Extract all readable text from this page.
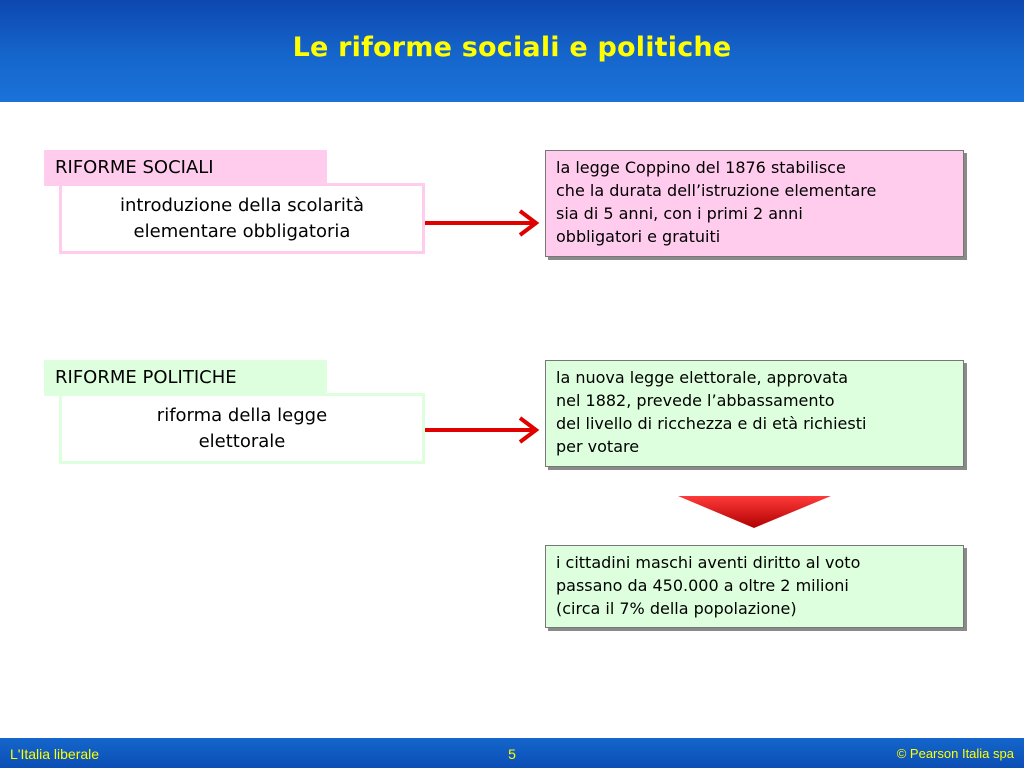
Le riforme sociali e politiche
RIFORME SOCIALI
introduzione della scolarità
elementare obbligatoria
la legge Coppino del 1876 stabilisce
che la durata dell’istruzione elementare
sia di 5 anni, con i primi 2 anni
obbligatori e gratuiti
RIFORME POLITICHE
riforma della legge
elettorale
la nuova legge elettorale, approvata
nel 1882, prevede l’abbassamento
del livello di ricchezza e di età richiesti
per votare
i cittadini maschi aventi diritto al voto
passano da 450.000 a oltre 2 milioni
(circa il 7% della popolazione)
L'Italia liberale	5	© Pearson Italia spa
